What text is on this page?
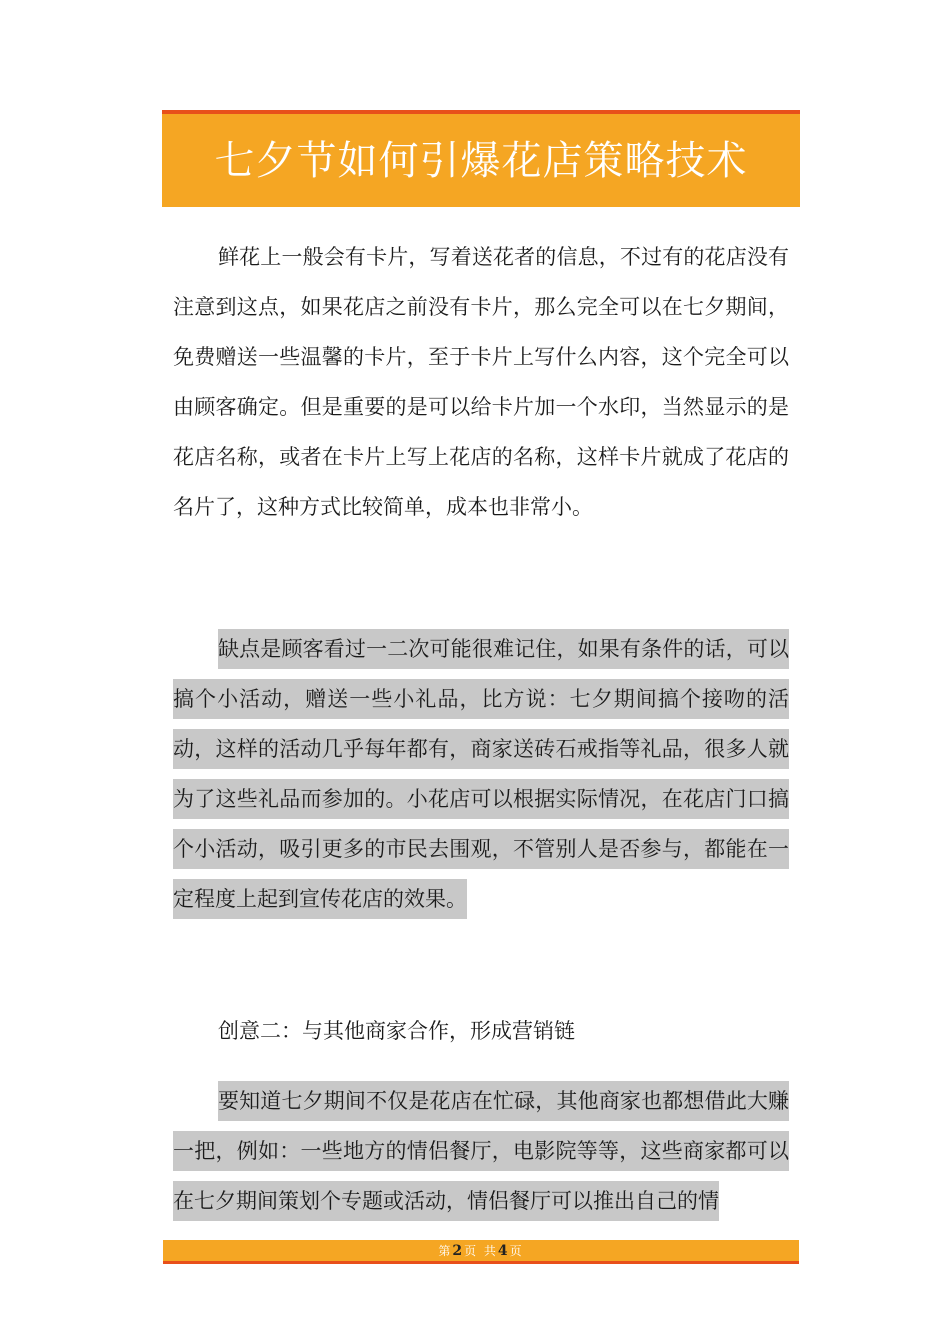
七夕节如何引爆花店策略技术

鲜花上一般会有卡片，写着送花者的信息，不过有的花店没有注意到这点，如果花店之前没有卡片，那么完全可以在七夕期间，免费赠送一些温馨的卡片，至于卡片上写什么内容，这个完全可以由顾客确定。但是重要的是可以给卡片加一个水印，当然显示的是花店名称，或者在卡片上写上花店的名称，这样卡片就成了花店的名片了，这种方式比较简单，成本也非常小。

缺点是顾客看过一二次可能很难记住，如果有条件的话，可以搞个小活动，赠送一些小礼品，比方说：七夕期间搞个接吻的活动，这样的活动几乎每年都有，商家送砖石戒指等礼品，很多人就为了这些礼品而参加的。小花店可以根据实际情况，在花店门口搞个小活动，吸引更多的市民去围观，不管别人是否参与，都能在一定程度上起到宣传花店的效果。

创意二：与其他商家合作，形成营销链

要知道七夕期间不仅是花店在忙碌，其他商家也都想借此大赚一把，例如：一些地方的情侣餐厅，电影院等等，这些商家都可以在七夕期间策划个专题或活动，情侣餐厅可以推出自己的情

第 2 页 共 4 页
